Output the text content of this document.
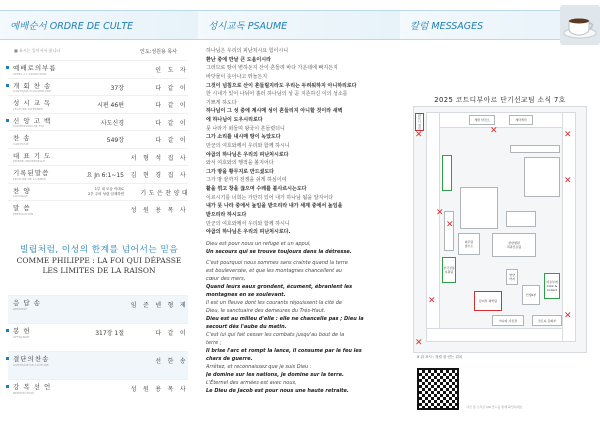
예배순서 ORDRE DE CULTE
■ 표시는 일어서서 합니다	인도:성원용 목사
예배로의부름
APPEL A L'ADORATION	인 도 자
개 회 찬 송
CANTIQUE D'OUVERTURE	37장	다 같 이
성 시 교 독
LECTURE ALTERNEE	시편 46편	다 같 이
신 앙 고 백
CONFESSION DE FOI	사도신경	다 같 이
찬 송
CANTIQUE	549장	다 같 이
대 표 기 도
PRIERE UNIVERSELLE	서 형 석 집 사
기록된말씀
LECTURE DE LA BIBLE	요 Jn 6:1~15 김 현 경 집 사
찬 양
LOUANGE
1부 내 모습 이대로
2부 주의 성령 임재하면	기 도 은 찬 양 대
말 씀
PREDICATION	성 원 용 목 사
빌립처럼, 이성의 한계를 넘어서는 믿음
COMME PHILIPPE : LA FOI QUI DÉPASSE
LES LIMITES DE LA RAISON
응 답 송
REPONSE	임 준 넨 형 제
봉 헌
OFFRANDE	317장 1절	다 같 이
결단의찬송
CANTIQUE DE CLOTURE	선 한 송
강 복 선 언
BENEDICTION	성 원 용 목 사
성시교독 PSAUME
하나님은 우리의 피난처시요 힘이시니
환난 중에 만날 큰 도움이시라
그러므로 땅이 변하든지 산이 흔들려 바다 가운데에 빠지든지
바닷물이 솟아나고 뛰놀든지
그것이 넘침으로 산이 흔들릴지라도 우리는 두려워하지 아니하리로다
한 시내가 있어 나뉘어 흘러 하나님의 성 곧 지존하신 이의 성소를
기쁘게 하도다
하나님이 그 성 중에 계시매 성이 흔들리지 아니할 것이라 새벽
에 하나님이 도우시리로다
뭇 나라가 떠들며 왕국이 흔들렸더니
그가 소리를 내시매 땅이 녹았도다
만군의 여호와께서 우리와 함께 하시니
야곱의 하나님은 우리의 피난처시로다
와서 여호와의 행적을 볼지어다
그가 땅을 황무지로 만드셨도다
그가 땅 끝까지 전쟁을 쉬게 하심이여
활을 꺾고 창을 끊으며 수레를 불사르시는도다
이르시기를 너희는 가만히 있어 내가 하나님 됨을 알지어다
내가 뭇 나라 중에서 높임을 받으리라 내가 세계 중에서 높임을
받으리라 하시도다
만군의 여호와께서 우리와 함께 하시니
야곱의 하나님은 우리의 피난처시로다.
Dieu est pour nous un refuge et un appui,
Un secours qui se trouve toujours dans la détresse.
C'est pourquoi nous sommes sans crainte quand la terre
est bouleversée, et que les montagnes chancellent au
cœur des mers,
Quand leurs eaux grondent, écument, ébranlent les
montagnes en se soulevant.
Il est un fleuve dont les courants réjouissent la cité de
Dieu, le sanctuaire des demeures du Très-Haut.
Dieu est au milieu d'elle : elle ne chancelle pas ; Dieu la
secourt dès l'aube du matin.
C'est lui qui fait cesser les combats jusqu'au bout de la
terre ;
Il brise l'arc et rompt la lance, il consume par le feu les
chars de guerre.
Arrêtez, et reconnaissez que je suis Dieu :
Je domine sur les nations, je domine sur la terre.
L'Éternel des armées est avec nous,
Le Dieu de Jacob est pour nous une haute retraite.
칼럼 MESSAGES
2025 코트디부아르 단기선교팀 소식 7호
세면 한진소	세탁맥락
파트너 정보
의무팀
접수소
한국전통
지원팀
선한병원
치과진료팀
담지부 의학팀
영양
약지
인생4부
자유부재
Click &
Collect
아나파 사진관	코트디 문화부
✕	✕	✕
✕
✕
✕
✕
✕
✕
X 위 표시 : 정렬 을 얻는 위치
사진 및 소식은 QR 코드를 통해 확인하세요
